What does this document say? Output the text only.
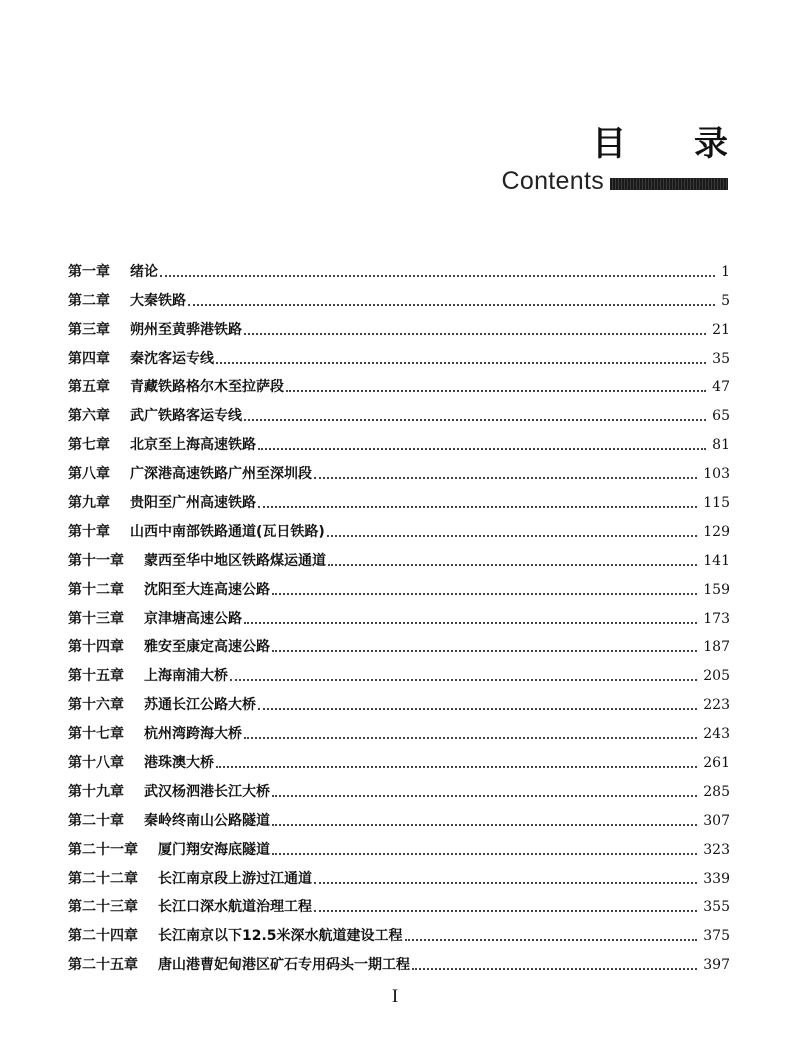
目 录
Contents
第一章	绪论	1
第二章	大秦铁路	5
第三章	朔州至黄骅港铁路	21
第四章	秦沈客运专线	35
第五章	青藏铁路格尔木至拉萨段	47
第六章	武广铁路客运专线	65
第七章	北京至上海高速铁路	81
第八章	广深港高速铁路广州至深圳段	103
第九章	贵阳至广州高速铁路	115
第十章	山西中南部铁路通道(瓦日铁路)	129
第十一章	蒙西至华中地区铁路煤运通道	141
第十二章	沈阳至大连高速公路	159
第十三章	京津塘高速公路	173
第十四章	雅安至康定高速公路	187
第十五章	上海南浦大桥	205
第十六章	苏通长江公路大桥	223
第十七章	杭州湾跨海大桥	243
第十八章	港珠澳大桥	261
第十九章	武汉杨泗港长江大桥	285
第二十章	秦岭终南山公路隧道	307
第二十一章	厦门翔安海底隧道	323
第二十二章	长江南京段上游过江通道	339
第二十三章	长江口深水航道治理工程	355
第二十四章	长江南京以下12.5米深水航道建设工程	375
第二十五章	唐山港曹妃甸港区矿石专用码头一期工程	397
I
